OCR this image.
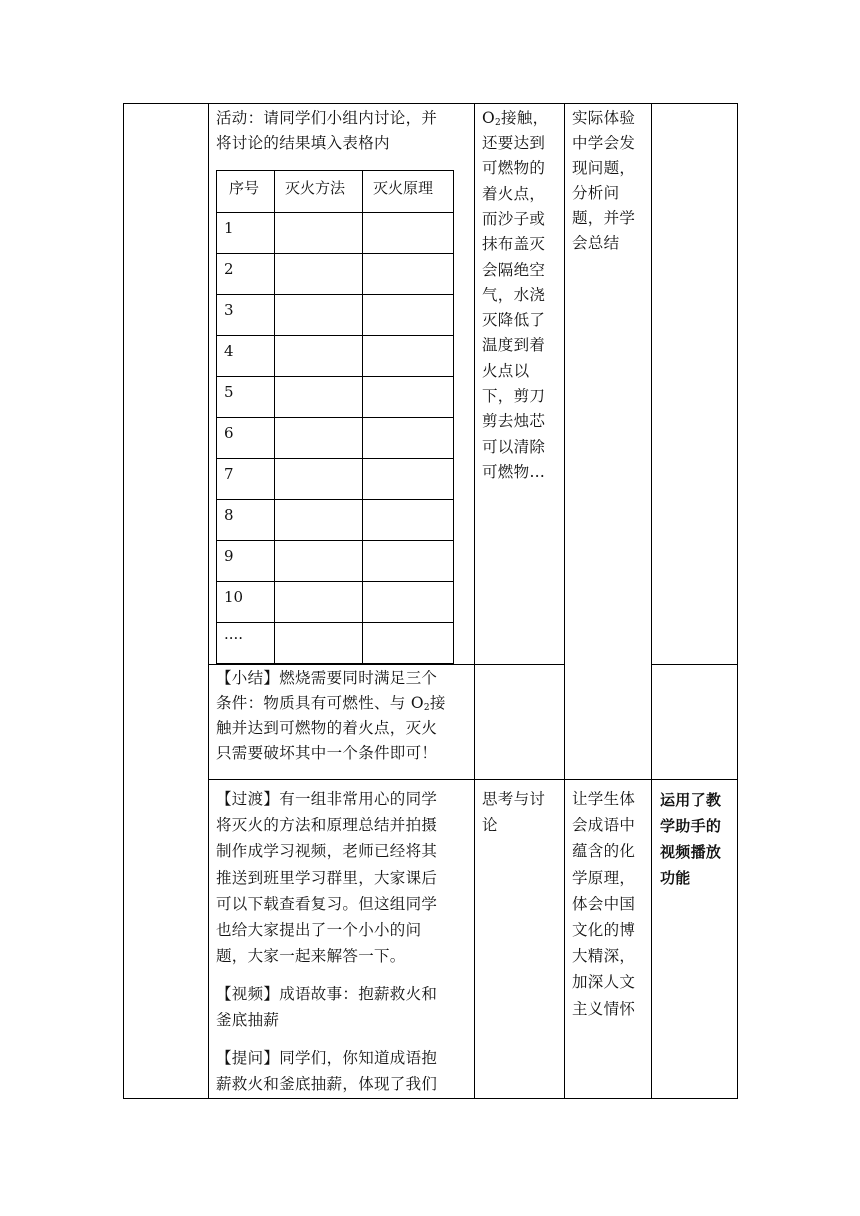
活动：请同学们小组内讨论，并
将讨论的结果填入表格内
序号 灭火方法 灭火原理
1
2
3
4
5
6
7
8
9
10
····
$O_2$接触，
还要达到
可燃物的
着火点，
而沙子或
抹布盖灭
会隔绝空
气，水浇
灭降低了
温度到着
火点以
下，剪刀
剪去烛芯
可以清除
可燃物…
实际体验
中学会发
现问题，
分析问
题，并学
会总结
【小结】燃烧需要同时满足三个
条件：物质具有可燃性、与 $O_2$接
触并达到可燃物的着火点，灭火
只需要破坏其中一个条件即可！
【过渡】有一组非常用心的同学
将灭火的方法和原理总结并拍摄
制作成学习视频，老师已经将其
推送到班里学习群里，大家课后
可以下载查看复习。但这组同学
也给大家提出了一个小小的问
题，大家一起来解答一下。
【视频】成语故事：抱薪救火和
釜底抽薪
【提问】同学们，你知道成语抱
薪救火和釜底抽薪，体现了我们
思考与讨
论
让学生体
会成语中
蕴含的化
学原理，
体会中国
文化的博
大精深，
加深人文
主义情怀
运用了教
学助手的
视频播放
功能
